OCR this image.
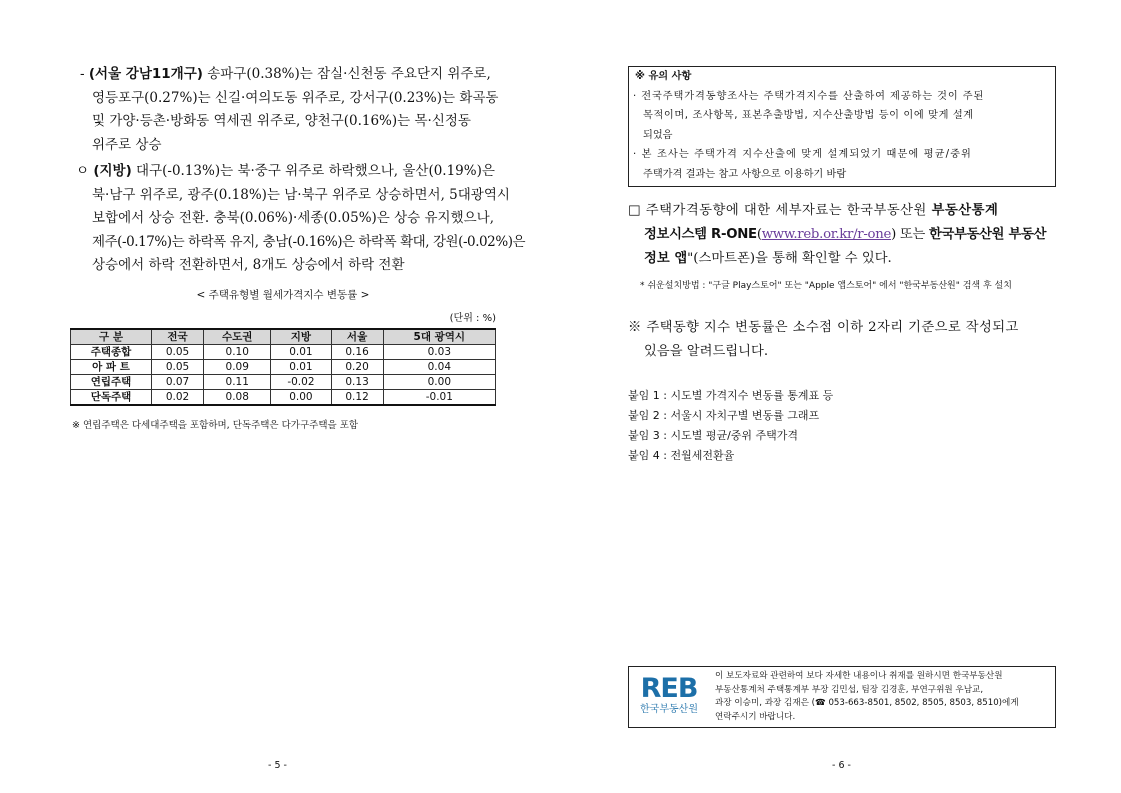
- (서울 강남11개구) 송파구(0.38%)는 잠실·신천동 주요단지 위주로,
영등포구(0.27%)는 신길·여의도동 위주로, 강서구(0.23%)는 화곡동
및 가양·등촌·방화동 역세권 위주로, 양천구(0.16%)는 목·신정동
위주로 상승
ㅇ (지방) 대구(-0.13%)는 북·중구 위주로 하락했으나, 울산(0.19%)은
북·남구 위주로, 광주(0.18%)는 남·북구 위주로 상승하면서, 5대광역시
보합에서 상승 전환. 충북(0.06%)·세종(0.05%)은 상승 유지했으나,
제주(-0.17%)는 하락폭 유지, 충남(-0.16%)은 하락폭 확대, 강원(-0.02%)은
상승에서 하락 전환하면서, 8개도 상승에서 하락 전환
< 주택유형별 월세가격지수 변동률 >
(단위 : %)
구 분	전국	수도권	지방	서울	5대 광역시
주택종합	0.05	0.10	0.01	0.16	0.03
아 파 트	0.05	0.09	0.01	0.20	0.04
연립주택	0.07	0.11	-0.02	0.13	0.00
단독주택	0.02	0.08	0.00	0.12	-0.01
※ 연립주택은 다세대주택을 포함하며, 단독주택은 다가구주택을 포함
- 5 -
※ 유의 사항
· 전국주택가격동향조사는 주택가격지수를 산출하여 제공하는 것이 주된
목적이며, 조사항목, 표본추출방법, 지수산출방법 등이 이에 맞게 설계
되었음
· 본 조사는 주택가격 지수산출에 맞게 설계되었기 때문에 평균/중위
주택가격 결과는 참고 사항으로 이용하기 바람
□ 주택가격동향에 대한 세부자료는 한국부동산원 부동산통계
정보시스템 R-ONE(www.reb.or.kr/r-one) 또는 한국부동산원 부동산
정보 앱"(스마트폰)을 통해 확인할 수 있다.
* 쉬운설치방법 : "구글 Play스토어" 또는 "Apple 앱스토어" 에서 "한국부동산원" 검색 후 설치
※ 주택동향 지수 변동률은 소수점 이하 2자리 기준으로 작성되고
있음을 알려드립니다.
붙임 1 : 시도별 가격지수 변동률 통계표 등
붙임 2 : 서울시 자치구별 변동률 그래프
붙임 3 : 시도별 평균/중위 주택가격
붙임 4 : 전월세전환율
REB
한국부동산원
이 보도자료와 관련하여 보다 자세한 내용이나 취재를 원하시면 한국부동산원
부동산통계처 주택통계부 부장 김민섭, 팀장 김경훈, 부연구위원 우남교,
과장 이승미, 과장 김재은 (☎ 053-663-8501, 8502, 8505, 8503, 8510)에게
연락주시기 바랍니다.
- 6 -
